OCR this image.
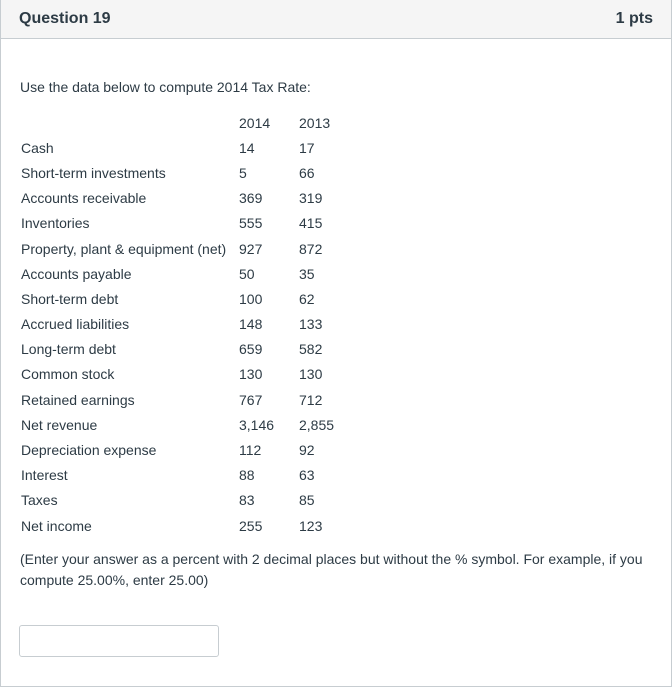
Question 19	1 pts
Use the data below to compute 2014 Tax Rate:
	2014	2013
Cash	14	17
Short-term investments	5	66
Accounts receivable	369	319
Inventories	555	415
Property, plant & equipment (net)	927	872
Accounts payable	50	35
Short-term debt	100	62
Accrued liabilities	148	133
Long-term debt	659	582
Common stock	130	130
Retained earnings	767	712
Net revenue	3,146	2,855
Depreciation expense	112	92
Interest	88	63
Taxes	83	85
Net income	255	123
(Enter your answer as a percent with 2 decimal places but without the % symbol. For example, if you compute 25.00%, enter 25.00)
